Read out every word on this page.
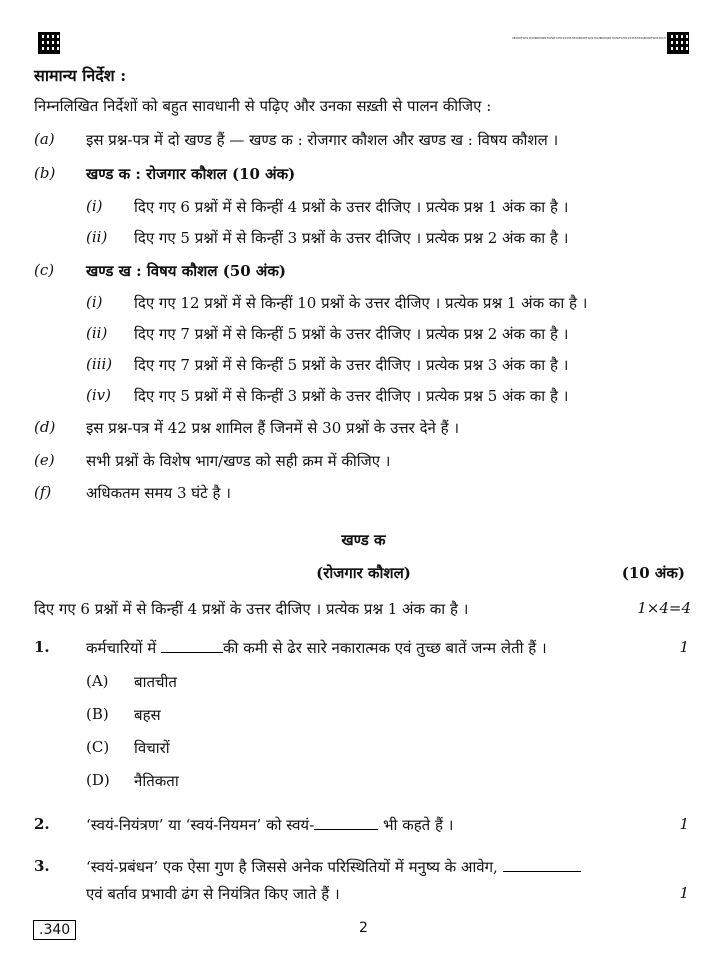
ABCDEFGHIJKLMNOPQRSTUVWXYZ0123456789ABCDEFGHIJKLMNOPQRSTUVWXYZ0123456789ABCDEFGHIJKLM
सामान्य निर्देश :
निम्नलिखित निर्देशों को बहुत सावधानी से पढ़िए और उनका सख़्ती से पालन कीजिए :
(a) इस प्रश्न-पत्र में दो खण्ड हैं — खण्ड क : रोजगार कौशल और खण्ड ख : विषय कौशल ।
(b) खण्ड क : रोजगार कौशल (10 अंक)
(i) दिए गए 6 प्रश्नों में से किन्हीं 4 प्रश्नों के उत्तर दीजिए । प्रत्येक प्रश्न 1 अंक का है ।
(ii) दिए गए 5 प्रश्नों में से किन्हीं 3 प्रश्नों के उत्तर दीजिए । प्रत्येक प्रश्न 2 अंक का है ।
(c) खण्ड ख : विषय कौशल (50 अंक)
(i) दिए गए 12 प्रश्नों में से किन्हीं 10 प्रश्नों के उत्तर दीजिए । प्रत्येक प्रश्न 1 अंक का है ।
(ii) दिए गए 7 प्रश्नों में से किन्हीं 5 प्रश्नों के उत्तर दीजिए । प्रत्येक प्रश्न 2 अंक का है ।
(iii) दिए गए 7 प्रश्नों में से किन्हीं 5 प्रश्नों के उत्तर दीजिए । प्रत्येक प्रश्न 3 अंक का है ।
(iv) दिए गए 5 प्रश्नों में से किन्हीं 3 प्रश्नों के उत्तर दीजिए । प्रत्येक प्रश्न 5 अंक का है ।
(d) इस प्रश्न-पत्र में 42 प्रश्न शामिल हैं जिनमें से 30 प्रश्नों के उत्तर देने हैं ।
(e) सभी प्रश्नों के विशेष भाग/खण्ड को सही क्रम में कीजिए ।
(f) अधिकतम समय 3 घंटे है ।
खण्ड क
(रोजगार कौशल)	(10 अंक)
दिए गए 6 प्रश्नों में से किन्हीं 4 प्रश्नों के उत्तर दीजिए । प्रत्येक प्रश्न 1 अंक का है ।	1×4=4
1. कर्मचारियों में	की कमी से ढेर सारे नकारात्मक एवं तुच्छ बातें जन्म लेती हैं ।	1
(A) बातचीत
(B) बहस
(C) विचारों
(D) नैतिकता
2. ‘स्वयं-नियंत्रण’ या ‘स्वयं-नियमन’ को स्वयं-	भी कहते हैं ।	1
3. ‘स्वयं-प्रबंधन’ एक ऐसा गुण है जिससे अनेक परिस्थितियों में मनुष्य के आवेग,
एवं बर्ताव प्रभावी ढंग से नियंत्रित किए जाते हैं ।	1
.340	2
